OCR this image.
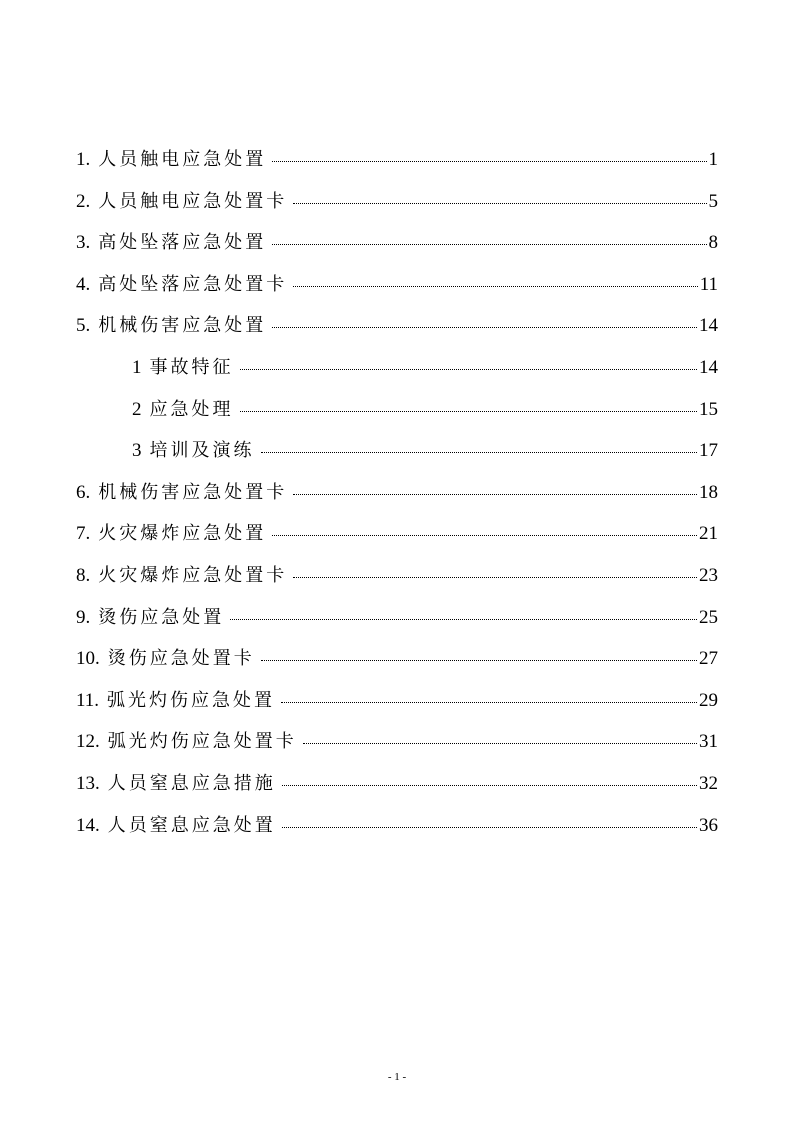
1. 人员触电应急处置	1
2. 人员触电应急处置卡	5
3. 高处坠落应急处置	8
4. 高处坠落应急处置卡	11
5. 机械伤害应急处置	14
1 事故特征	14
2 应急处理	15
3 培训及演练	17
6. 机械伤害应急处置卡	18
7. 火灾爆炸应急处置	21
8. 火灾爆炸应急处置卡	23
9. 烫伤应急处置	25
10. 烫伤应急处置卡	27
11. 弧光灼伤应急处置	29
12. 弧光灼伤应急处置卡	31
13. 人员窒息应急措施	32
14. 人员窒息应急处置	36
- 1 -
